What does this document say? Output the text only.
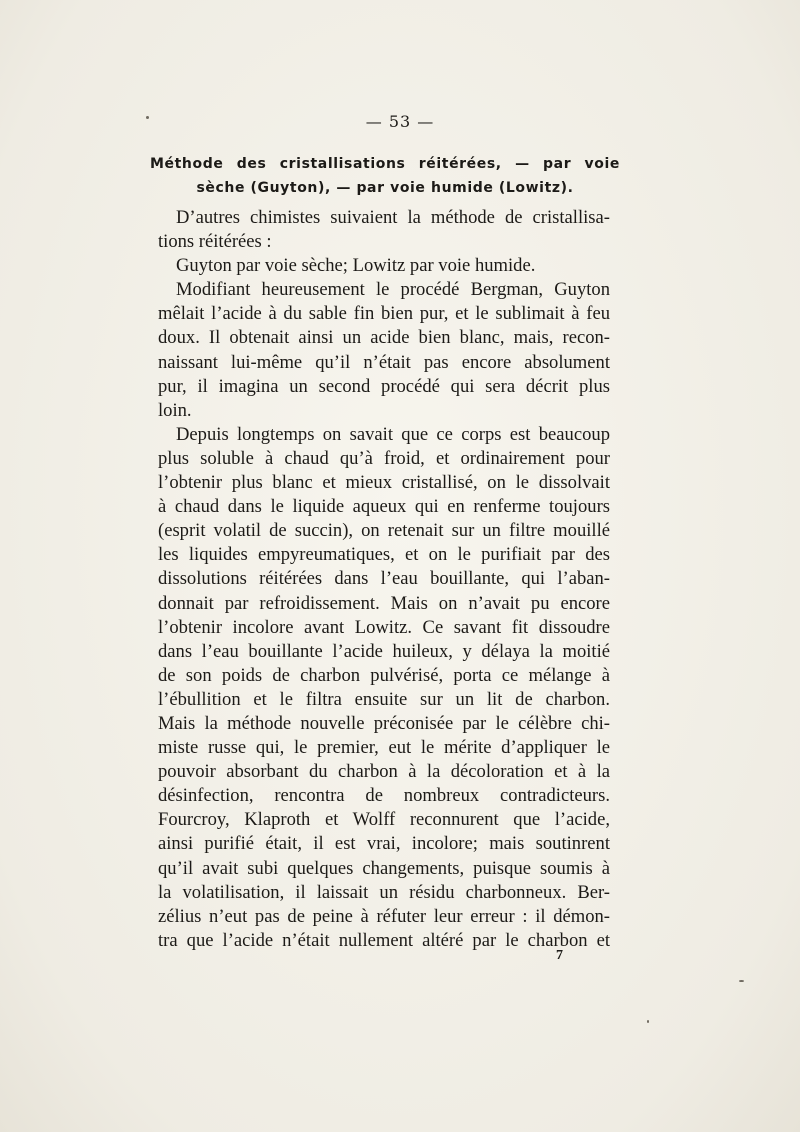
— 53 —
Méthode des cristallisations réitérées, — par voie
sèche (Guyton), — par voie humide (Lowitz).
D’autres chimistes suivaient la méthode de cristallisa-
tions réitérées :
Guyton par voie sèche; Lowitz par voie humide.
Modifiant heureusement le procédé Bergman, Guyton
mêlait l’acide à du sable fin bien pur, et le sublimait à feu
doux. Il obtenait ainsi un acide bien blanc, mais, recon-
naissant lui-même qu’il n’était pas encore absolument
pur, il imagina un second procédé qui sera décrit plus
loin.
Depuis longtemps on savait que ce corps est beaucoup
plus soluble à chaud qu’à froid, et ordinairement pour
l’obtenir plus blanc et mieux cristallisé, on le dissolvait
à chaud dans le liquide aqueux qui en renferme toujours
(esprit volatil de succin), on retenait sur un filtre mouillé
les liquides empyreumatiques, et on le purifiait par des
dissolutions réitérées dans l’eau bouillante, qui l’aban-
donnait par refroidissement. Mais on n’avait pu encore
l’obtenir incolore avant Lowitz. Ce savant fit dissoudre
dans l’eau bouillante l’acide huileux, y délaya la moitié
de son poids de charbon pulvérisé, porta ce mélange à
l’ébullition et le filtra ensuite sur un lit de charbon.
Mais la méthode nouvelle préconisée par le célèbre chi-
miste russe qui, le premier, eut le mérite d’appliquer le
pouvoir absorbant du charbon à la décoloration et à la
désinfection, rencontra de nombreux contradicteurs.
Fourcroy, Klaproth et Wolff reconnurent que l’acide,
ainsi purifié était, il est vrai, incolore; mais soutinrent
qu’il avait subi quelques changements, puisque soumis à
la volatilisation, il laissait un résidu charbonneux. Ber-
zélius n’eut pas de peine à réfuter leur erreur : il démon-
tra que l’acide n’était nullement altéré par le charbon et
7
